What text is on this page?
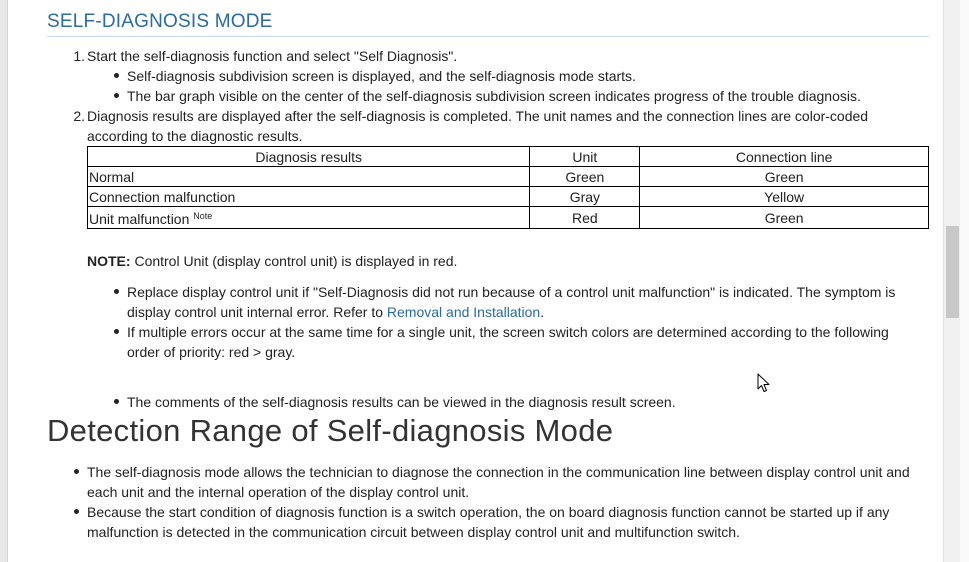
SELF-DIAGNOSIS MODE
1. Start the self-diagnosis function and select "Self Diagnosis".
Self-diagnosis subdivision screen is displayed, and the self-diagnosis mode starts.
The bar graph visible on the center of the self-diagnosis subdivision screen indicates progress of the trouble diagnosis.
2. Diagnosis results are displayed after the self-diagnosis is completed. The unit names and the connection lines are color-coded
according to the diagnostic results.
Diagnosis results	Unit	Connection line
Normal	Green	Green
Connection malfunction	Gray	Yellow
Unit malfunction $^{Note}$	Red	Green
NOTE: Control Unit (display control unit) is displayed in red.
Replace display control unit if "Self-Diagnosis did not run because of a control unit malfunction" is indicated. The symptom is
display control unit internal error. Refer to Removal and Installation.
If multiple errors occur at the same time for a single unit, the screen switch colors are determined according to the following
order of priority: red > gray.
The comments of the self-diagnosis results can be viewed in the diagnosis result screen.
Detection Range of Self-diagnosis Mode
The self-diagnosis mode allows the technician to diagnose the connection in the communication line between display control unit and
each unit and the internal operation of the display control unit.
Because the start condition of diagnosis function is a switch operation, the on board diagnosis function cannot be started up if any
malfunction is detected in the communication circuit between display control unit and multifunction switch.
